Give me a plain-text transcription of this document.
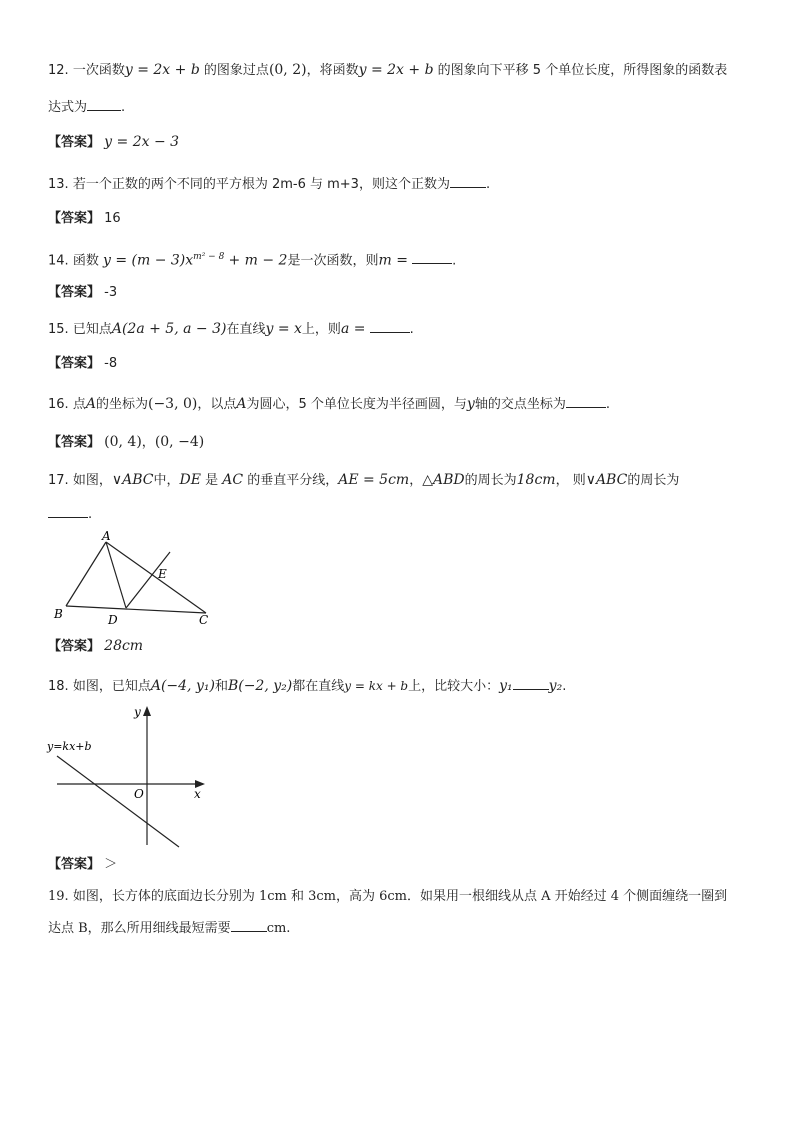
12. 一次函数y = 2x + b 的图象过点(0, 2)，将函数y = 2x + b 的图象向下平移 5 个单位长度，所得图象的函数表
达式为	.
【答案】 y = 2x − 3
13. 若一个正数的两个不同的平方根为 2m-6 与 m+3，则这个正数为	.
【答案】 16
14. 函数 $y = (m - 3)x^{m^2 - 8} + m - 2$是一次函数，则m =	.
【答案】 -3
15. 已知点A(2a + 5, a − 3)在直线y = x上，则a =	.
【答案】 -8
16. 点A的坐标为(−3, 0)，以点A为圆心，5 个单位长度为半径画圆，与y轴的交点坐标为	.
【答案】 (0, 4)，(0, −4)
17. 如图，∨ABC中，DE 是 AC 的垂直平分线，AE = 5cm，△ABD的周长为18cm， 则∨ABC的周长为
.
A
B	C
D
E
【答案】 28cm
18. 如图，已知点A(−4, y₁)和B(−2, y₂)都在直线y = kx + b上，比较大小：y₁	y₂.
y=kx+b
y
x
O
【答案】 ＞
19. 如图，长方体的底面边长分别为 1cm 和 3cm，高为 6cm．如果用一根细线从点 A 开始经过 4 个侧面缠绕一圈到
达点 B，那么所用细线最短需要	cm.
